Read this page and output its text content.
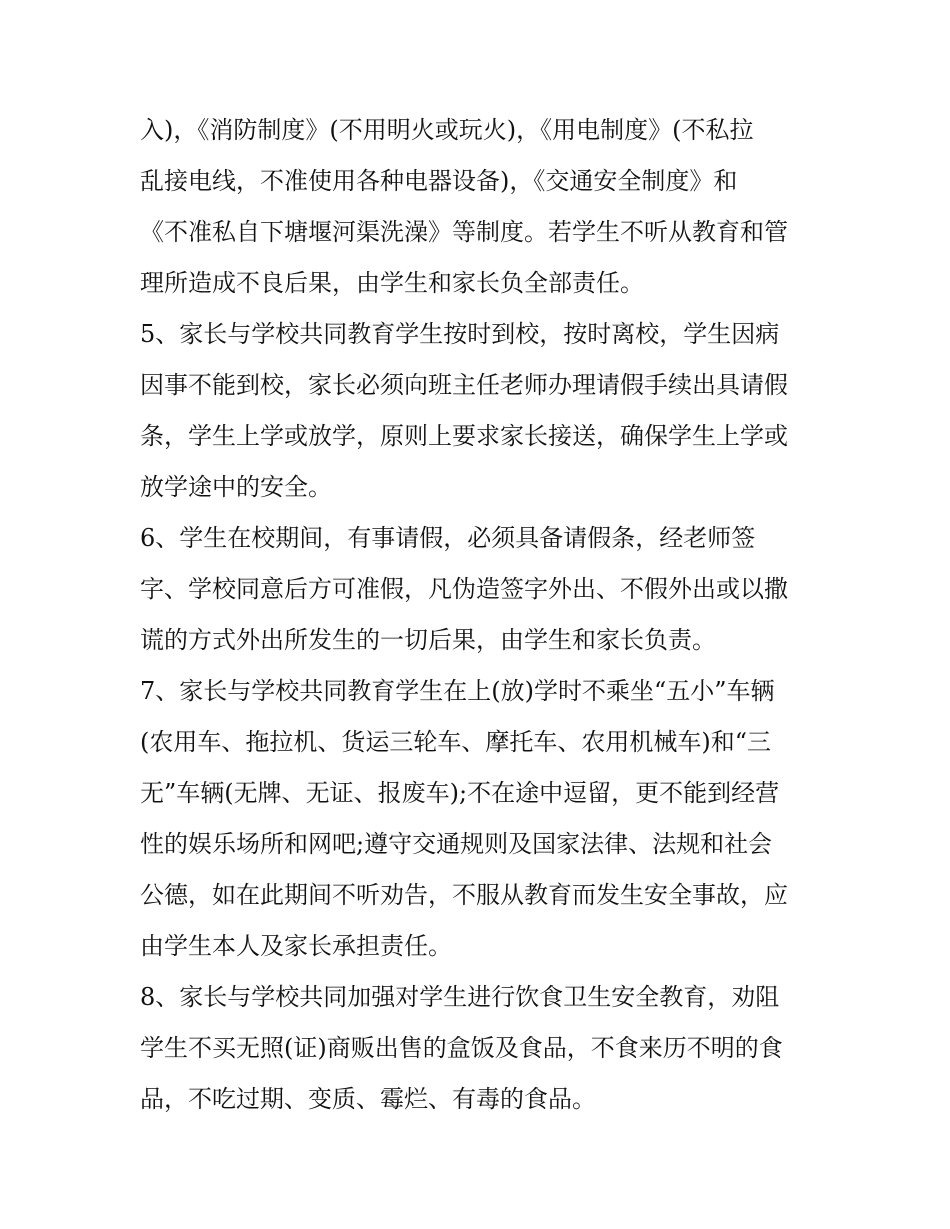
入)，《消防制度》(不用明火或玩火)，《用电制度》(不私拉
乱接电线，不准使用各种电器设备)，《交通安全制度》和
《不准私自下塘堰河渠洗澡》等制度。若学生不听从教育和管
理所造成不良后果，由学生和家长负全部责任。
5、家长与学校共同教育学生按时到校，按时离校，学生因病
因事不能到校，家长必须向班主任老师办理请假手续出具请假
条，学生上学或放学，原则上要求家长接送，确保学生上学或
放学途中的安全。
6、学生在校期间，有事请假，必须具备请假条，经老师签
字、学校同意后方可准假，凡伪造签字外出、不假外出或以撒
谎的方式外出所发生的一切后果，由学生和家长负责。
7、家长与学校共同教育学生在上(放)学时不乘坐“五小”车辆
(农用车、拖拉机、货运三轮车、摩托车、农用机械车)和“三
无”车辆(无牌、无证、报废车);不在途中逗留，更不能到经营
性的娱乐场所和网吧;遵守交通规则及国家法律、法规和社会
公德，如在此期间不听劝告，不服从教育而发生安全事故，应
由学生本人及家长承担责任。
8、家长与学校共同加强对学生进行饮食卫生安全教育，劝阻
学生不买无照(证)商贩出售的盒饭及食品，不食来历不明的食
品，不吃过期、变质、霉烂、有毒的食品。
